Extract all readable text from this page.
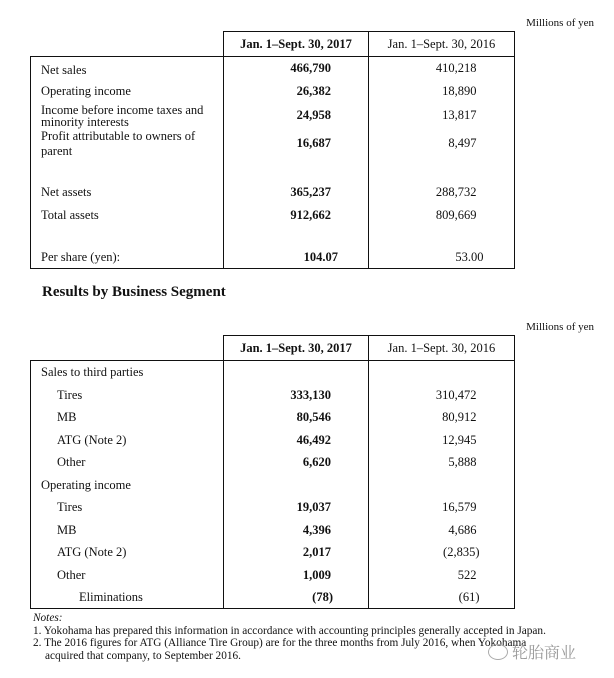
Millions of yen
	Jan. 1–Sept. 30, 2017	Jan. 1–Sept. 30, 2016
Net sales	466,790	410,218
Operating income	26,382	18,890
Income before income taxes and minority interests	24,958	13,817
Profit attributable to owners of parent	16,687	8,497

Net assets	365,237	288,732
Total assets	912,662	809,669

Per share (yen):	104.07	53.00
Results by Business Segment
Millions of yen
	Jan. 1–Sept. 30, 2017	Jan. 1–Sept. 30, 2016
Sales to third parties		
Tires	333,130	310,472
MB	80,546	80,912
ATG (Note 2)	46,492	12,945
Other	6,620	5,888
Operating income		
Tires	19,037	16,579
MB	4,396	4,686
ATG (Note 2)	2,017	(2,835)
Other	1,009	522
Eliminations	(78)	(61)
Notes:
1. Yokohama has prepared this information in accordance with accounting principles generally accepted in Japan.
2. The 2016 figures for ATG (Alliance Tire Group) are for the three months from July 2016, when Yokohama
acquired that company, to September 2016.	轮胎商业
